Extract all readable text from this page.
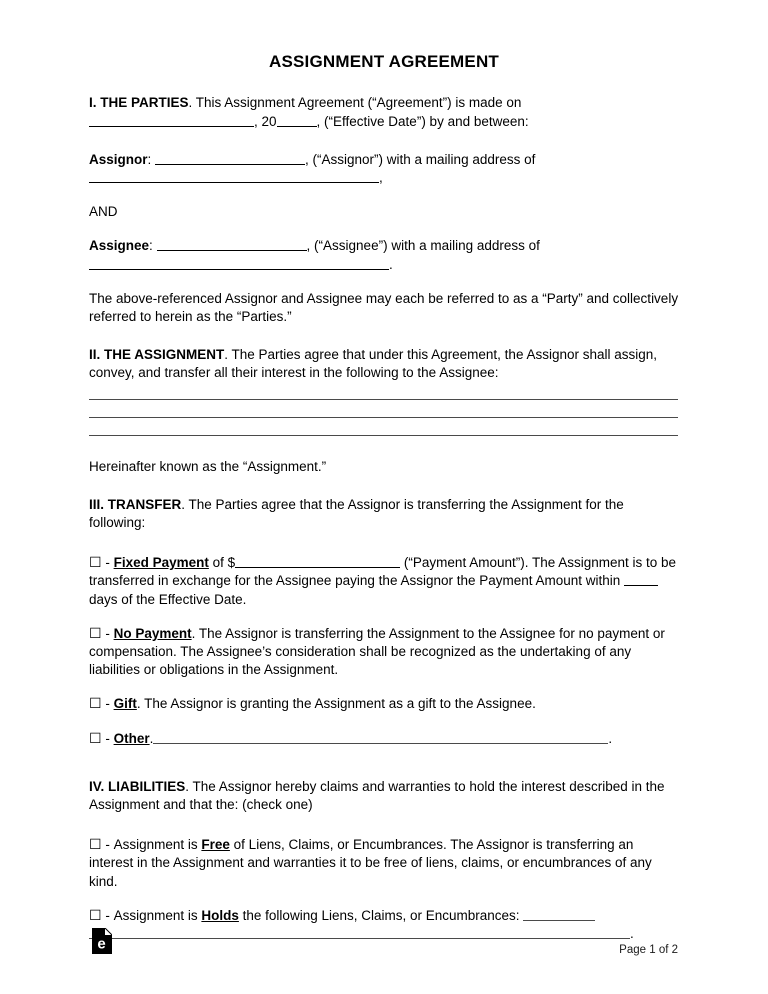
ASSIGNMENT AGREEMENT

I. THE PARTIES. This Assignment Agreement (“Agreement”) is made on
, 20	, (“Effective Date”) by and between:

Assignor:	, (“Assignor”) with a mailing address of
,

AND

Assignee:	, (“Assignee”) with a mailing address of
.

The above-referenced Assignor and Assignee may each be referred to as a “Party” and collectively referred to herein as the “Parties.”

II. THE ASSIGNMENT. The Parties agree that under this Agreement, the Assignor shall assign, convey, and transfer all their interest in the following to the Assignee:

Hereinafter known as the “Assignment.”

III. TRANSFER. The Parties agree that the Assignor is transferring the Assignment for the following:

☐ - Fixed Payment of $	(“Payment Amount”). The Assignment is to be transferred in exchange for the Assignee paying the Assignor the Payment Amount within  days of the Effective Date.

☐ - No Payment. The Assignor is transferring the Assignment to the Assignee for no payment or compensation. The Assignee’s consideration shall be recognized as the undertaking of any liabilities or obligations in the Assignment.

☐ - Gift. The Assignor is granting the Assignment as a gift to the Assignee.

☐ - Other.	.

IV. LIABILITIES. The Assignor hereby claims and warranties to hold the interest described in the Assignment and that the: (check one)

☐ - Assignment is Free of Liens, Claims, or Encumbrances. The Assignor is transferring an interest in the Assignment and warranties it to be free of liens, claims, or encumbrances of any kind.

☐ - Assignment is Holds the following Liens, Claims, or Encumbrances:
.

e	Page 1 of 2
